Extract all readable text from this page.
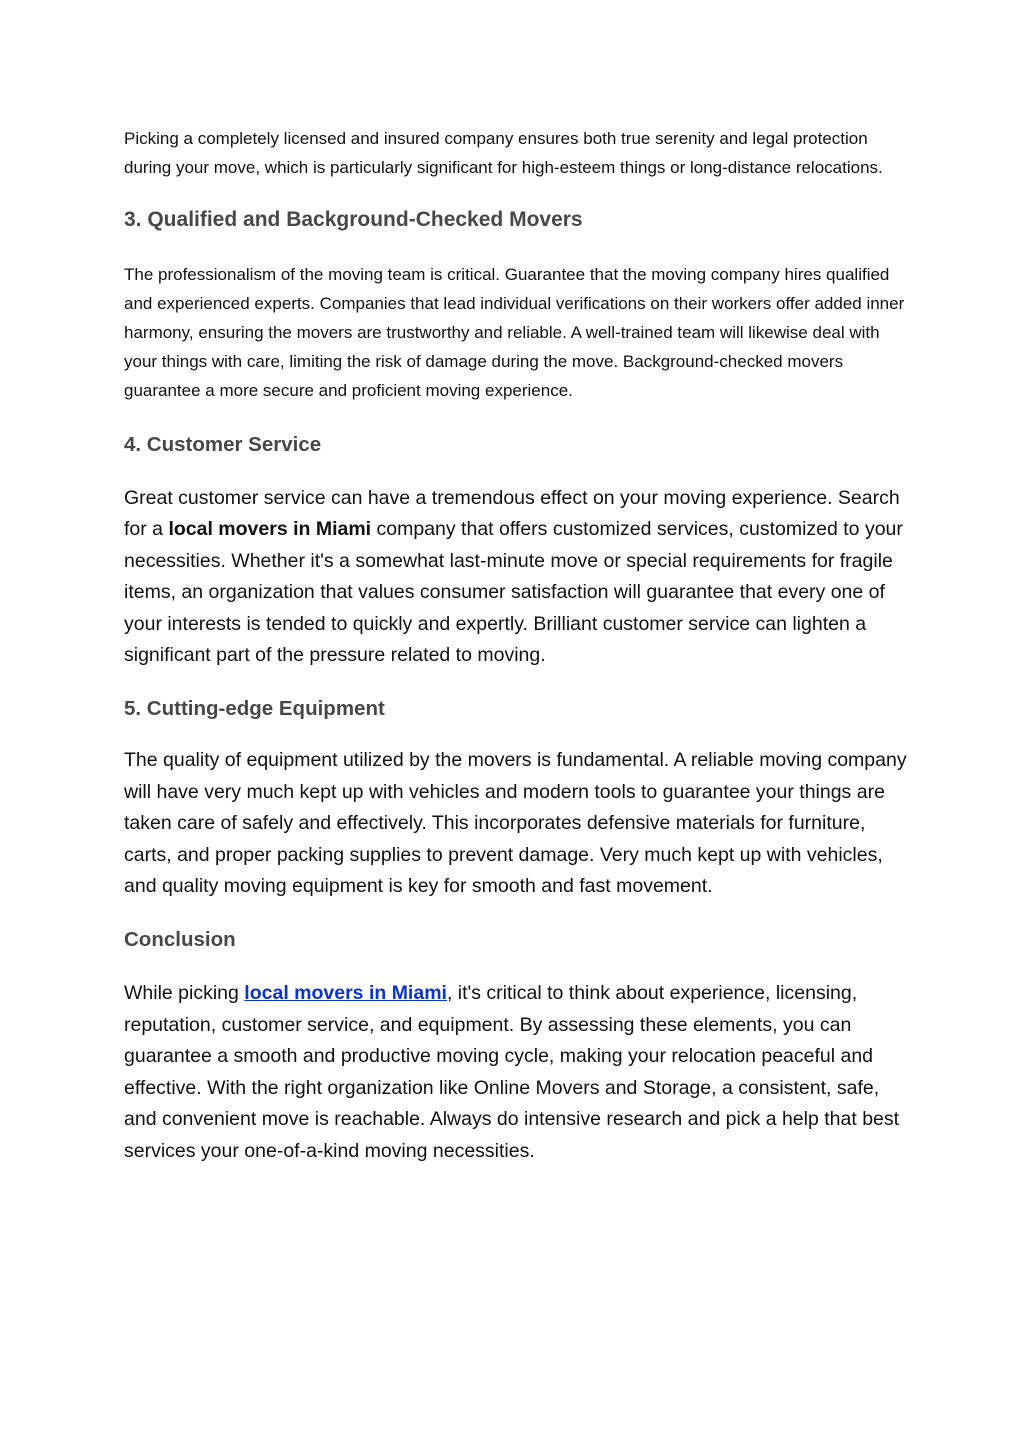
Picking a completely licensed and insured company ensures both true serenity and legal protection during your move, which is particularly significant for high-esteem things or long-distance relocations.

3. Qualified and Background-Checked Movers

The professionalism of the moving team is critical. Guarantee that the moving company hires qualified and experienced experts. Companies that lead individual verifications on their workers offer added inner harmony, ensuring the movers are trustworthy and reliable. A well-trained team will likewise deal with your things with care, limiting the risk of damage during the move. Background-checked movers guarantee a more secure and proficient moving experience.

4. Customer Service

Great customer service can have a tremendous effect on your moving experience. Search for a local movers in Miami company that offers customized services, customized to your necessities. Whether it's a somewhat last-minute move or special requirements for fragile items, an organization that values consumer satisfaction will guarantee that every one of your interests is tended to quickly and expertly. Brilliant customer service can lighten a significant part of the pressure related to moving.

5. Cutting-edge Equipment

The quality of equipment utilized by the movers is fundamental. A reliable moving company will have very much kept up with vehicles and modern tools to guarantee your things are taken care of safely and effectively. This incorporates defensive materials for furniture, carts, and proper packing supplies to prevent damage. Very much kept up with vehicles, and quality moving equipment is key for smooth and fast movement.

Conclusion

While picking local movers in Miami, it's critical to think about experience, licensing, reputation, customer service, and equipment. By assessing these elements, you can guarantee a smooth and productive moving cycle, making your relocation peaceful and effective. With the right organization like Online Movers and Storage, a consistent, safe, and convenient move is reachable. Always do intensive research and pick a help that best services your one-of-a-kind moving necessities.
